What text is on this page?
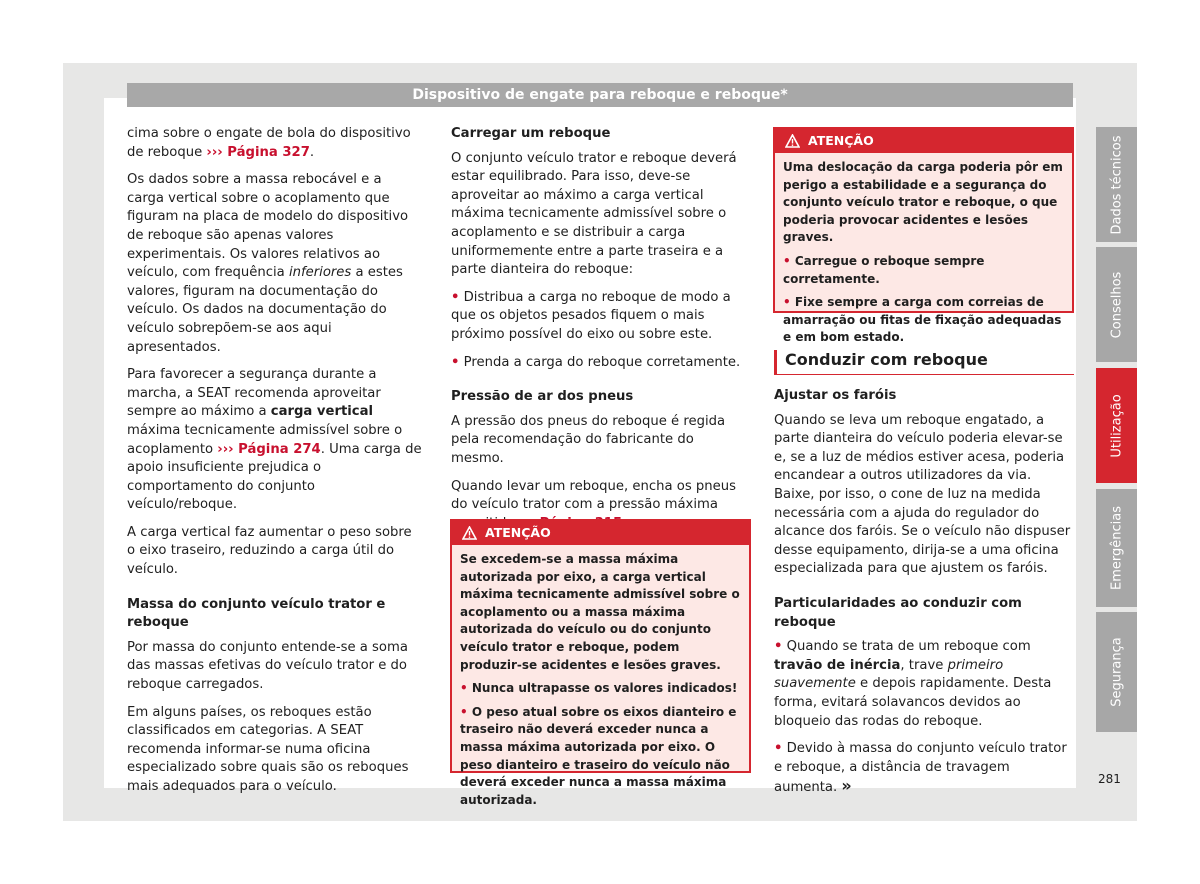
Dispositivo de engate para reboque e reboque*

cima sobre o engate de bola do dispositivo de reboque ››› Página 327.

Os dados sobre a massa rebocável e a carga vertical sobre o acoplamento que figuram na placa de modelo do dispositivo de reboque são apenas valores experimentais. Os valores relativos ao veículo, com frequência inferiores a estes valores, figuram na documentação do veículo. Os dados na documentação do veículo sobrepõem-se aos aqui apresentados.

Para favorecer a segurança durante a marcha, a SEAT recomenda aproveitar sempre ao máximo a carga vertical máxima tecnicamente admissível sobre o acoplamento ››› Página 274. Uma carga de apoio insuficiente prejudica o comportamento do conjunto veículo/reboque.

A carga vertical faz aumentar o peso sobre o eixo traseiro, reduzindo a carga útil do veículo.

Massa do conjunto veículo trator e reboque

Por massa do conjunto entende-se a soma das massas efetivas do veículo trator e do reboque carregados.

Em alguns países, os reboques estão classificados em categorias. A SEAT recomenda informar-se numa oficina especializado sobre quais são os reboques mais adequados para o veículo.

Carregar um reboque

O conjunto veículo trator e reboque deverá estar equilibrado. Para isso, deve-se aproveitar ao máximo a carga vertical máxima tecnicamente admissível sobre o acoplamento e se distribuir a carga uniformemente entre a parte traseira e a parte dianteira do reboque:

• Distribua a carga no reboque de modo a que os objetos pesados fiquem o mais próximo possível do eixo ou sobre este.

• Prenda a carga do reboque corretamente.

Pressão de ar dos pneus

A pressão dos pneus do reboque é regida pela recomendação do fabricante do mesmo.

Quando levar um reboque, encha os pneus do veículo trator com a pressão máxima

ATENÇÃO

Se excedem-se a massa máxima autorizada por eixo, a carga vertical máxima tecnicamente admissível sobre o acoplamento ou a massa máxima autorizada do veículo ou do conjunto veículo trator e reboque, podem produzir-se acidentes e lesões graves.

• Nunca ultrapasse os valores indicados!

• O peso atual sobre os eixos dianteiro e traseiro não deverá exceder nunca a massa máxima autorizada por eixo. O peso dianteiro e traseiro do veículo não deverá exceder nunca a massa máxima autorizada.

ATENÇÃO

Uma deslocação da carga poderia pôr em perigo a estabilidade e a segurança do conjunto veículo trator e reboque, o que poderia provocar acidentes e lesões graves.

• Carregue o reboque sempre corretamente.

• Fixe sempre a carga com correias de amarração ou fitas de fixação adequadas e em bom estado.

Conduzir com reboque
Ajustar os faróis

Quando se leva um reboque engatado, a parte dianteira do veículo poderia elevar-se e, se a luz de médios estiver acesa, poderia encandear a outros utilizadores da via. Baixe, por isso, o cone de luz na medida necessária com a ajuda do regulador do alcance dos faróis. Se o veículo não dispuser desse equipamento, dirija-se a uma oficina especializada para que ajustem os faróis.

Particularidades ao conduzir com reboque

• Quando se trata de um reboque com travão de inércia, trave primeiro suavemente e depois rapidamente. Desta forma, evitará solavancos devidos ao bloqueio das rodas do reboque.

• Devido à massa do conjunto veículo trator e reboque, a distância de travagem aumenta. »

Dados técnicos
Conselhos
Utilização
Emergências
Segurança
281
